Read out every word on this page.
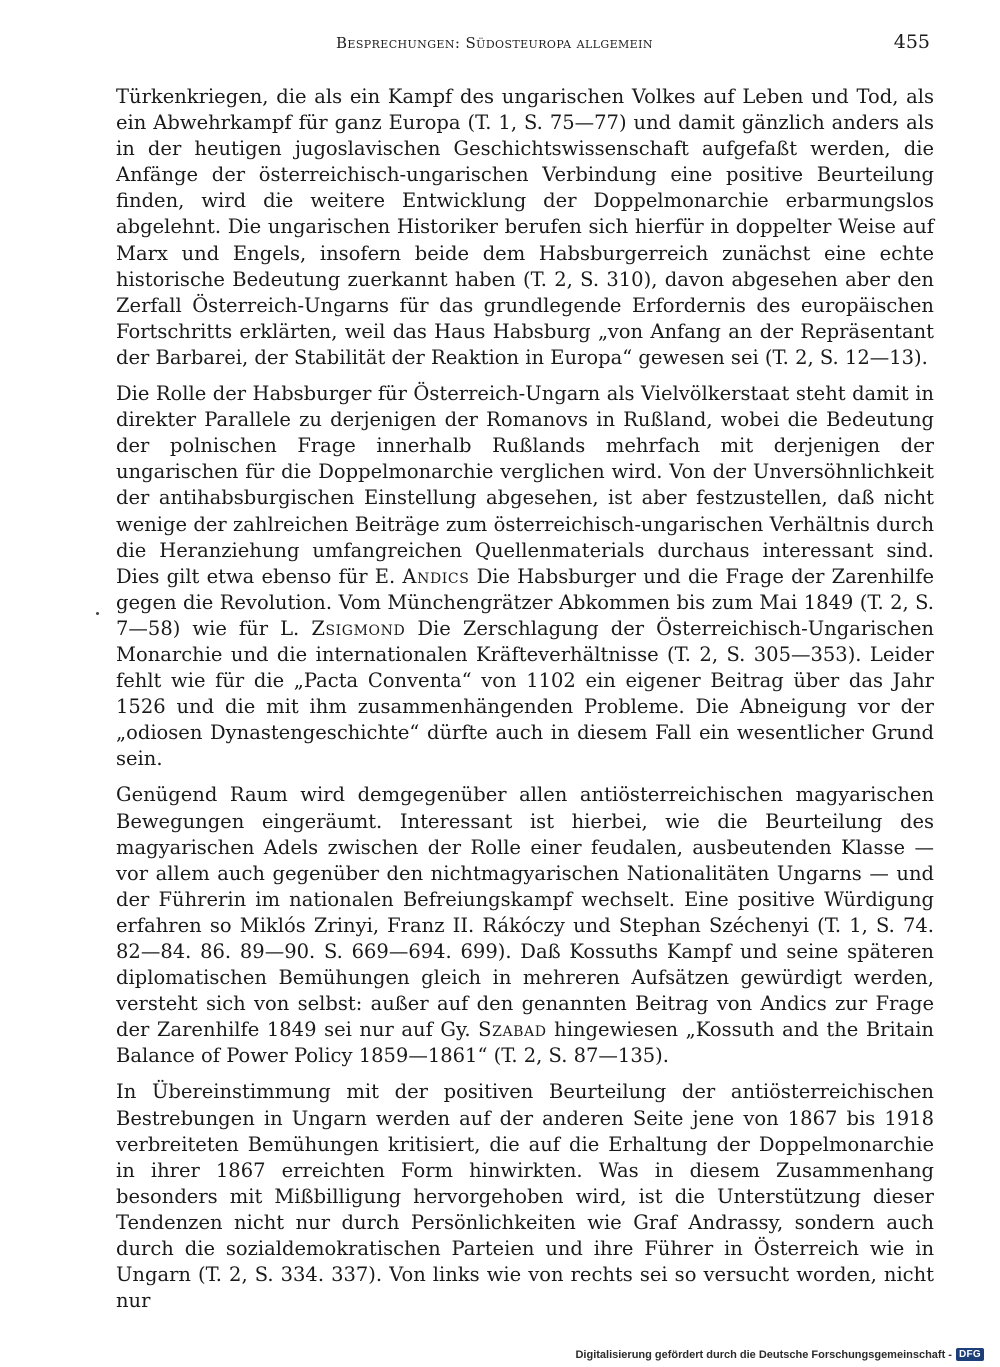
Besprechungen: Südosteuropa allgemein	455

Türkenkriegen, die als ein Kampf des ungarischen Volkes auf Leben und Tod, als ein Abwehrkampf für ganz Europa (T. 1, S. 75—77) und damit gänzlich anders als in der heutigen jugoslavischen Geschichtswissenschaft aufgefaßt werden, die Anfänge der österreichisch-ungarischen Verbindung eine positive Beurteilung finden, wird die weitere Entwicklung der Doppelmonarchie erbarmungslos abgelehnt. Die ungarischen Historiker berufen sich hierfür in doppelter Weise auf Marx und Engels, insofern beide dem Habsburgerreich zunächst eine echte historische Bedeutung zuerkannt haben (T. 2, S. 310), davon abgesehen aber den Zerfall Österreich-Ungarns für das grundlegende Erfordernis des europäischen Fortschritts erklärten, weil das Haus Habsburg „von Anfang an der Repräsentant der Barbarei, der Stabilität der Reaktion in Europa“ gewesen sei (T. 2, S. 12—13).

Die Rolle der Habsburger für Österreich-Ungarn als Vielvölkerstaat steht damit in direkter Parallele zu derjenigen der Romanovs in Rußland, wobei die Bedeutung der polnischen Frage innerhalb Rußlands mehrfach mit derjenigen der ungarischen für die Doppelmonarchie verglichen wird. Von der Unversöhnlichkeit der antihabsburgischen Einstellung abgesehen, ist aber festzustellen, daß nicht wenige der zahlreichen Beiträge zum österreichisch-ungarischen Verhältnis durch die Heranziehung umfangreichen Quellenmaterials durchaus interessant sind. Dies gilt etwa ebenso für E. Andics Die Habsburger und die Frage der Zarenhilfe gegen die Revolution. Vom Münchengrätzer Abkommen bis zum Mai 1849 (T. 2, S. 7—58) wie für L. Zsigmond Die Zerschlagung der Österreichisch-Ungarischen Monarchie und die internationalen Kräfteverhältnisse (T. 2, S. 305—353). Leider fehlt wie für die „Pacta Conventa“ von 1102 ein eigener Beitrag über das Jahr 1526 und die mit ihm zusammenhängenden Probleme. Die Abneigung vor der „odiosen Dynastengeschichte“ dürfte auch in diesem Fall ein wesentlicher Grund sein.

Genügend Raum wird demgegenüber allen antiösterreichischen magyarischen Bewegungen eingeräumt. Interessant ist hierbei, wie die Beurteilung des magyarischen Adels zwischen der Rolle einer feudalen, ausbeutenden Klasse — vor allem auch gegenüber den nichtmagyarischen Nationalitäten Ungarns — und der Führerin im nationalen Befreiungskampf wechselt. Eine positive Würdigung erfahren so Miklós Zrinyi, Franz II. Rákóczy und Stephan Széchenyi (T. 1, S. 74. 82—84. 86. 89—90. S. 669—694. 699). Daß Kossuths Kampf und seine späteren diplomatischen Bemühungen gleich in mehreren Aufsätzen gewürdigt werden, versteht sich von selbst: außer auf den genannten Beitrag von Andics zur Frage der Zarenhilfe 1849 sei nur auf Gy. Szabad hingewiesen „Kossuth and the Britain Balance of Power Policy 1859—1861“ (T. 2, S. 87—135).

In Übereinstimmung mit der positiven Beurteilung der antiösterreichischen Bestrebungen in Ungarn werden auf der anderen Seite jene von 1867 bis 1918 verbreiteten Bemühungen kritisiert, die auf die Erhaltung der Doppelmonarchie in ihrer 1867 erreichten Form hinwirkten. Was in diesem Zusammenhang besonders mit Mißbilligung hervorgehoben wird, ist die Unterstützung dieser Tendenzen nicht nur durch Persönlichkeiten wie Graf Andrassy, sondern auch durch die sozialdemokratischen Parteien und ihre Führer in Österreich wie in Ungarn (T. 2, S. 334. 337). Von links wie von rechts sei so versucht worden, nicht nur

Digitalisierung gefördert durch die Deutsche Forschungsgemeinschaft - DFG
